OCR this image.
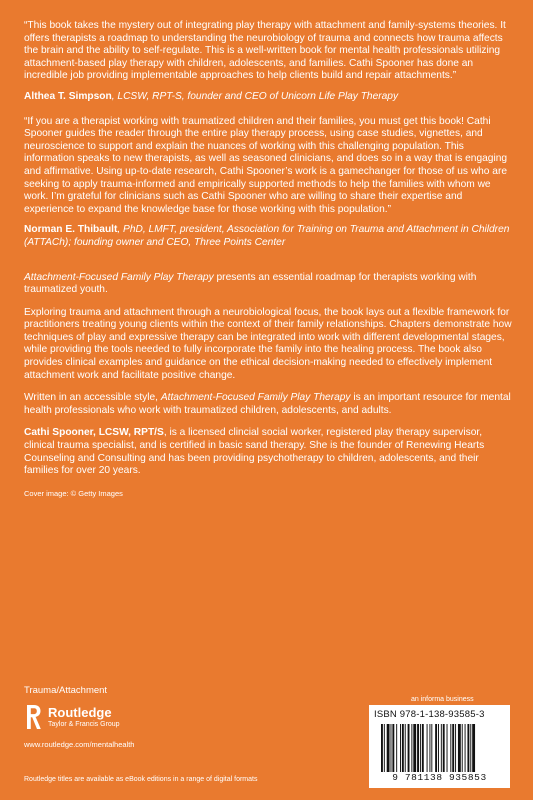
“This book takes the mystery out of integrating play therapy with attachment and family-systems theories. It offers therapists a roadmap to understanding the neurobiology of trauma and connects how trauma affects the brain and the ability to self-regulate. This is a well-written book for mental health professionals utilizing attachment-based play therapy with children, adolescents, and families. Cathi Spooner has done an incredible job providing implementable approaches to help clients build and repair attachments.”

Althea T. Simpson, LCSW, RPT-S, founder and CEO of Unicorn Life Play Therapy

“If you are a therapist working with traumatized children and their families, you must get this book! Cathi Spooner guides the reader through the entire play therapy process, using case studies, vignettes, and neuroscience to support and explain the nuances of working with this challenging population. This information speaks to new therapists, as well as seasoned clinicians, and does so in a way that is engaging and affirmative. Using up-to-date research, Cathi Spooner’s work is a gamechanger for those of us who are seeking to apply trauma-informed and empirically supported methods to help the families with whom we work. I’m grateful for clinicians such as Cathi Spooner who are willing to share their expertise and experience to expand the knowledge base for those working with this population.”

Norman E. Thibault, PhD, LMFT, president, Association for Training on Trauma and Attachment in Children (ATTACh); founding owner and CEO, Three Points Center

Attachment-Focused Family Play Therapy presents an essential roadmap for therapists working with traumatized youth.

Exploring trauma and attachment through a neurobiological focus, the book lays out a flexible framework for practitioners treating young clients within the context of their family relationships. Chapters demonstrate how techniques of play and expressive therapy can be integrated into work with different developmental stages, while providing the tools needed to fully incorporate the family into the healing process. The book also provides clinical examples and guidance on the ethical decision-making needed to effectively implement attachment work and facilitate positive change.

Written in an accessible style, Attachment-Focused Family Play Therapy is an important resource for mental health professionals who work with traumatized children, adolescents, and adults.

Cathi Spooner, LCSW, RPT/S, is a licensed clincial social worker, registered play therapy supervisor, clinical trauma specialist, and is certified in basic sand therapy. She is the founder of Renewing Hearts Counseling and Consulting and has been providing psychotherapy to children, adolescents, and their families for over 20 years.

Cover image: © Getty Images

Trauma/Attachment
Routledge
Taylor & Francis Group
www.routledge.com/mentalhealth
Routledge titles are available as eBook editions in a range of digital formats
an informa business
ISBN 978-1-138-93585-3
9 781138 935853
